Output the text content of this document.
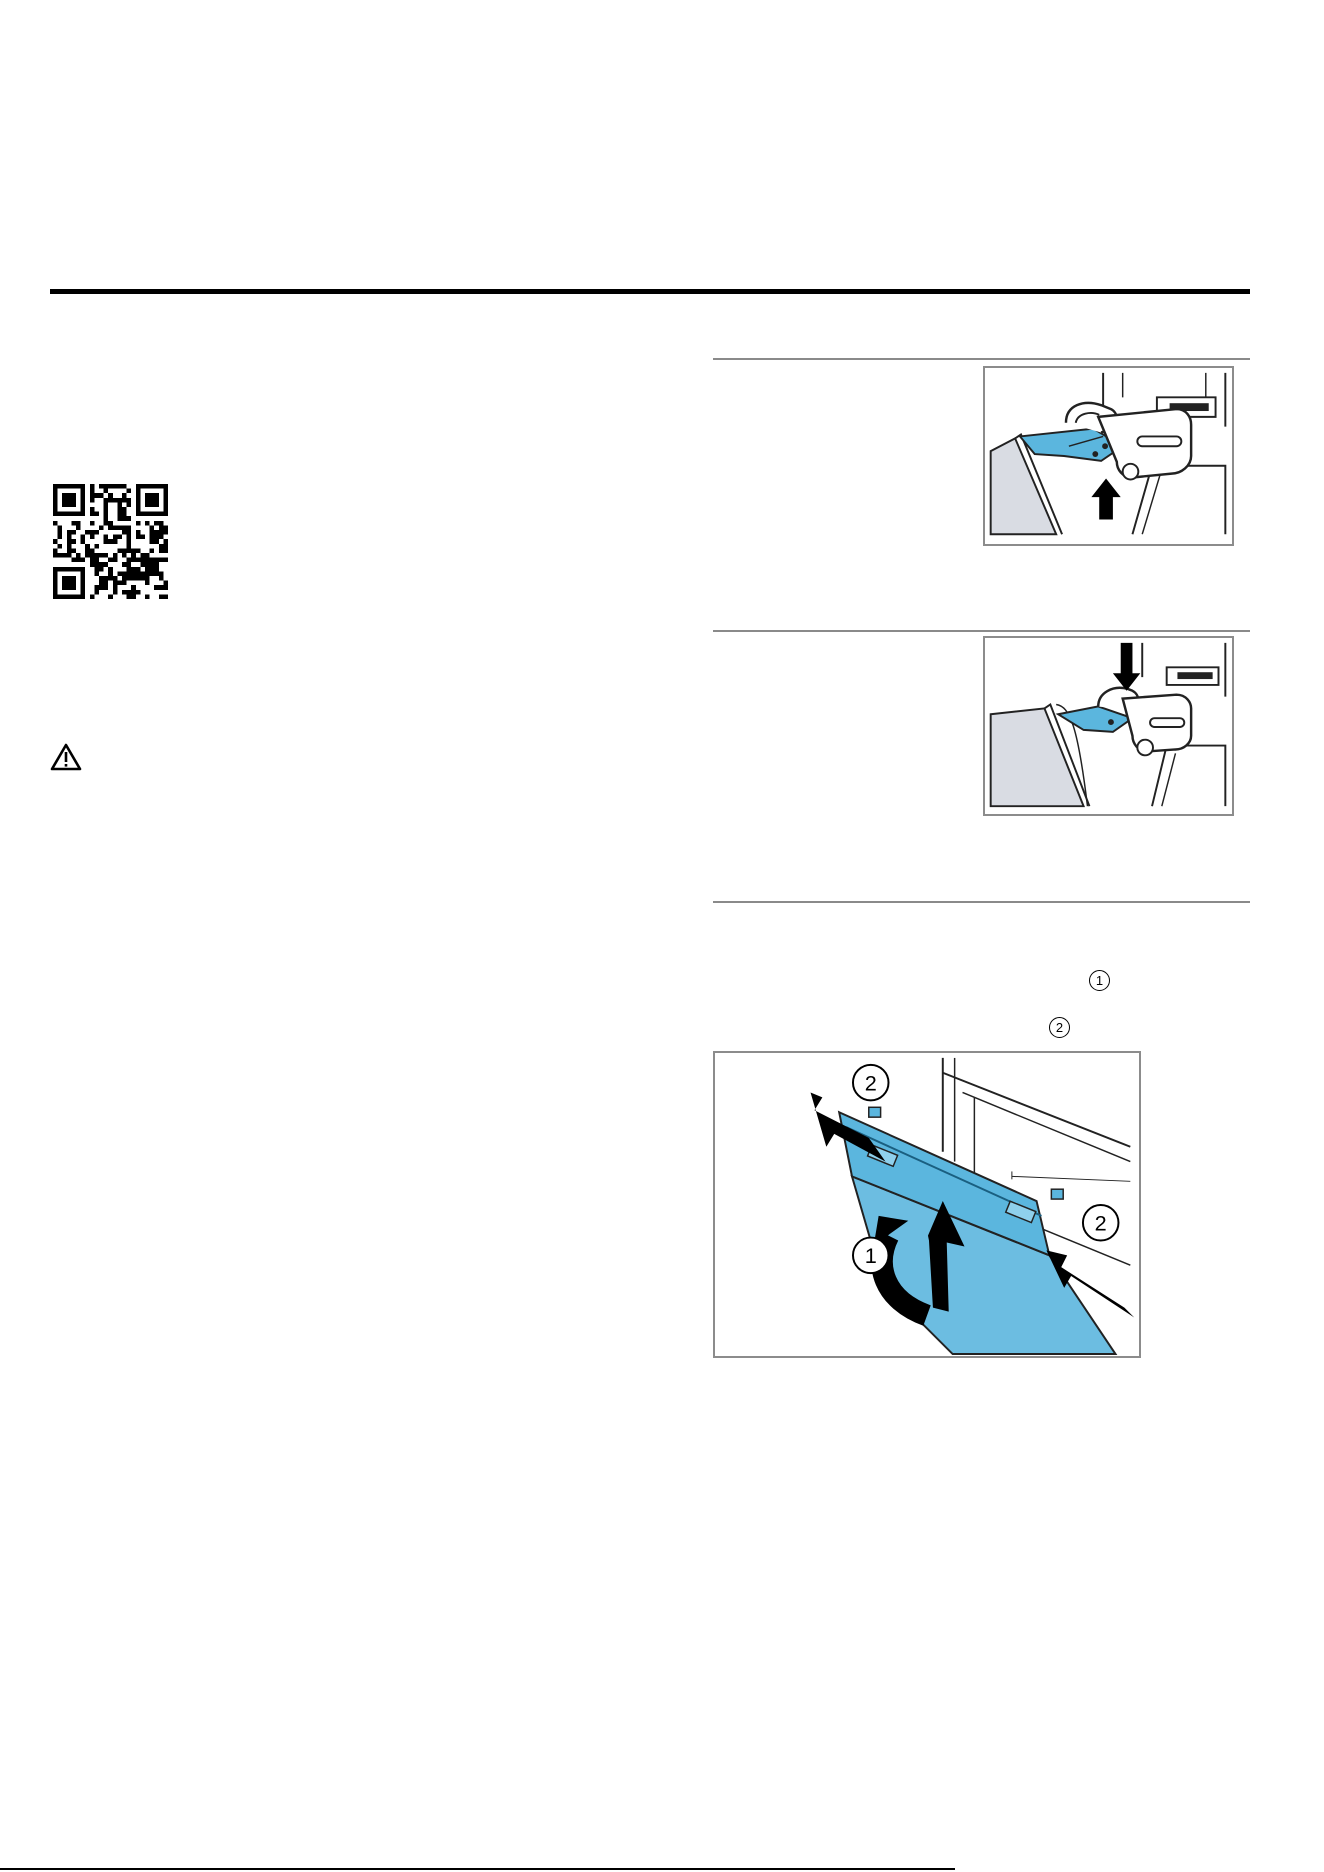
1
2
1
2
2
